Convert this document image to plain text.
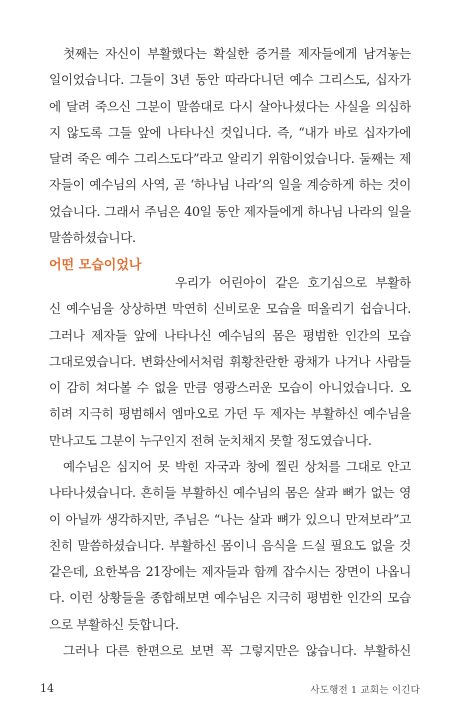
첫째는 자신이 부활했다는 확실한 증거를 제자들에게 남겨놓는
일이었습니다. 그들이 3년 동안 따라다니던 예수 그리스도, 십자가
에 달려 죽으신 그분이 말씀대로 다시 살아나셨다는 사실을 의심하
지 않도록 그들 앞에 나타나신 것입니다. 즉, “내가 바로 십자가에
달려 죽은 예수 그리스도다”라고 알리기 위함이었습니다. 둘째는 제
자들이 예수님의 사역, 곧 ‘하나님 나라’의 일을 계승하게 하는 것이
었습니다. 그래서 주님은 40일 동안 제자들에게 하나님 나라의 일을
말씀하셨습니다.
어떤 모습이었나
우리가 어린아이 같은 호기심으로 부활하
신 예수님을 상상하면 막연히 신비로운 모습을 떠올리기 쉽습니다.
그러나 제자들 앞에 나타나신 예수님의 몸은 평범한 인간의 모습
그대로였습니다. 변화산에서처럼 휘황찬란한 광채가 나거나 사람들
이 감히 쳐다볼 수 없을 만큼 영광스러운 모습이 아니었습니다. 오
히려 지극히 평범해서 엠마오로 가던 두 제자는 부활하신 예수님을
만나고도 그분이 누구인지 전혀 눈치채지 못할 정도였습니다.
예수님은 심지어 못 박힌 자국과 창에 찔린 상처를 그대로 안고
나타나셨습니다. 흔히들 부활하신 예수님의 몸은 살과 뼈가 없는 영
이 아닐까 생각하지만, 주님은 “나는 살과 뼈가 있으니 만져보라”고
친히 말씀하셨습니다. 부활하신 몸이니 음식을 드실 필요도 없을 것
같은데, 요한복음 21장에는 제자들과 함께 잡수시는 장면이 나옵니
다. 이런 상황들을 종합해보면 예수님은 지극히 평범한 인간의 모습
으로 부활하신 듯합니다.
그러나 다른 한편으로 보면 꼭 그렇지만은 않습니다. 부활하신
14	사도행전 1 교회는 이긴다
